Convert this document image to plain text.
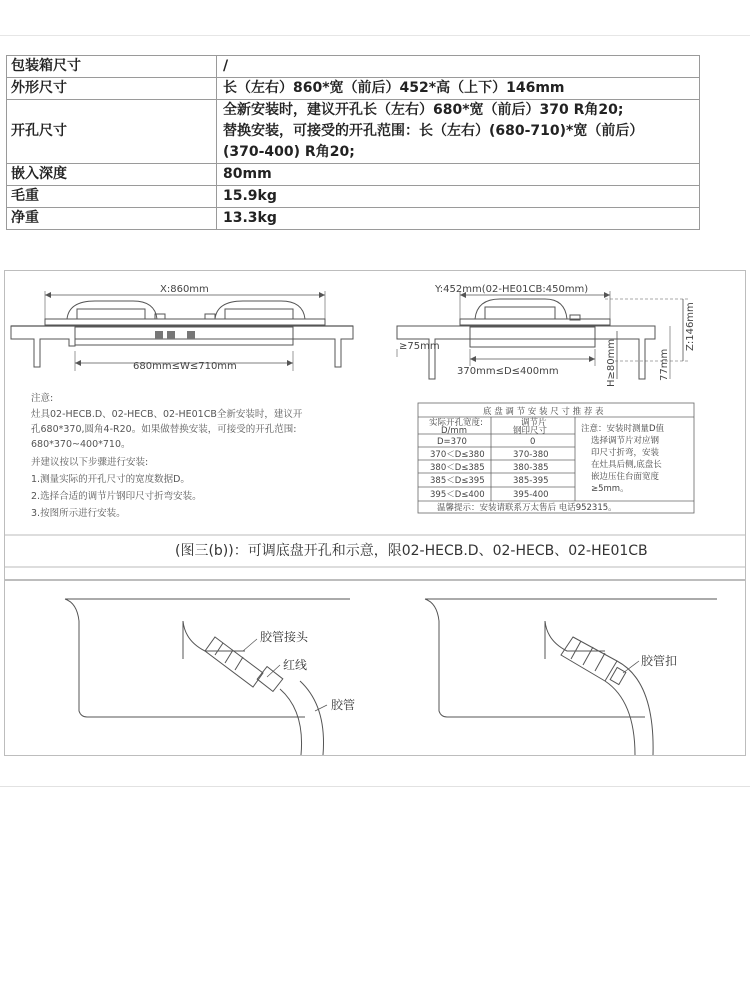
包装箱尺寸	/
外形尺寸	长（左右）860*宽（前后）452*高（上下）146mm
开孔尺寸	全新安装时，建议开孔长（左右）680*宽（前后）370 R角20;
替换安装，可接受的开孔范围：长（左右）(680-710)*宽（前后）
(370-400) R角20;

嵌入深度	80mm
毛重	15.9kg
净重	13.3kg
X:860mm
680mm≤W≤710mm
Y:452mm(02-HE01CB:450mm)
Z:146mm
77mm
H≥80mm
≥75mm
370mm≤D≤400mm
注意:
灶具02-HECB.D、02-HECB、02-HE01CB全新安装时，建议开
孔680*370,圆角4-R20。如果做替换安装，可接受的开孔范围:
680*370~400*710。
并建议按以下步骤进行安装:
1.测量实际的开孔尺寸的宽度数据D。
2.选择合适的调节片钢印尺寸折弯安装。
3.按图所示进行安装。
底 盘 调 节 安 装 尺 寸 推 荐 表
实际开孔宽度:
D/mm
调节片
钢印尺寸
D=370	0
370＜D≤380	370-380
380＜D≤385	380-385
385＜D≤395	385-395
395＜D≤400	395-400
注意：安装时测量D值
选择调节片对应钢
印尺寸折弯，安装
在灶具后侧,底盘长
嵌边压住台面宽度
≥5mm。
温馨提示：安装请联系万太售后 电话952315。
(图三(b))：可调底盘开孔和示意，限02-HECB.D、02-HECB、02-HE01CB
胶管接头
红线
胶管
胶管扣
